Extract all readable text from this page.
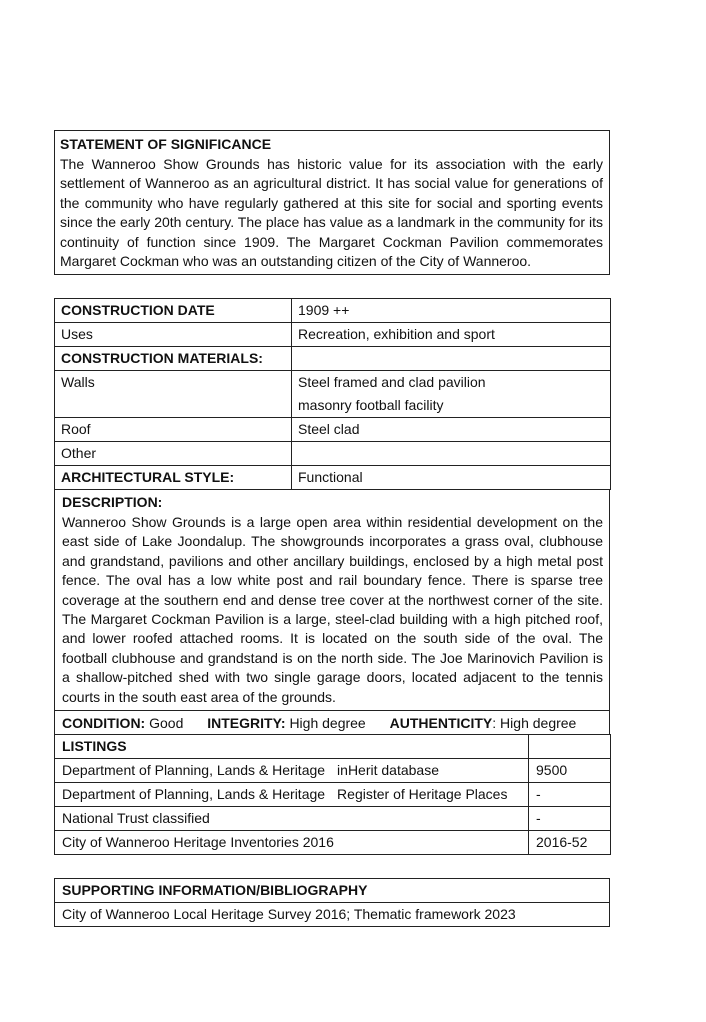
STATEMENT OF SIGNIFICANCE

The Wanneroo Show Grounds has historic value for its association with the early settlement of Wanneroo as an agricultural district. It has social value for generations of the community who have regularly gathered at this site for social and sporting events since the early 20th century. The place has value as a landmark in the community for its continuity of function since 1909. The Margaret Cockman Pavilion commemorates Margaret Cockman who was an outstanding citizen of the City of Wanneroo.

CONSTRUCTION DATE	1909 ++
Uses	Recreation, exhibition and sport
CONSTRUCTION MATERIALS:	
Walls	Steel framed and clad pavilion
masonry football facility

Roof	Steel clad
Other	
ARCHITECTURAL STYLE:	Functional
DESCRIPTION:

Wanneroo Show Grounds is a large open area within residential development on the east side of Lake Joondalup. The showgrounds incorporates a grass oval, clubhouse and grandstand, pavilions and other ancillary buildings, enclosed by a high metal post fence. The oval has a low white post and rail boundary fence. There is sparse tree coverage at the southern end and dense tree cover at the northwest corner of the site. The Margaret Cockman Pavilion is a large, steel-clad building with a high pitched roof, and lower roofed attached rooms. It is located on the south side of the oval. The football clubhouse and grandstand is on the north side. The Joe Marinovich Pavilion is a shallow-pitched shed with two single garage doors, located adjacent to the tennis courts in the south east area of the grounds.

CONDITION: Good INTEGRITY: High degree AUTHENTICITY: High degree
LISTINGS	
Department of Planning, Lands & Heritage inHerit database	9500
Department of Planning, Lands & Heritage Register of Heritage Places	-
National Trust classified	-
City of Wanneroo Heritage Inventories 2016	2016-52
SUPPORTING INFORMATION/BIBLIOGRAPHY
City of Wanneroo Local Heritage Survey 2016; Thematic framework 2023
